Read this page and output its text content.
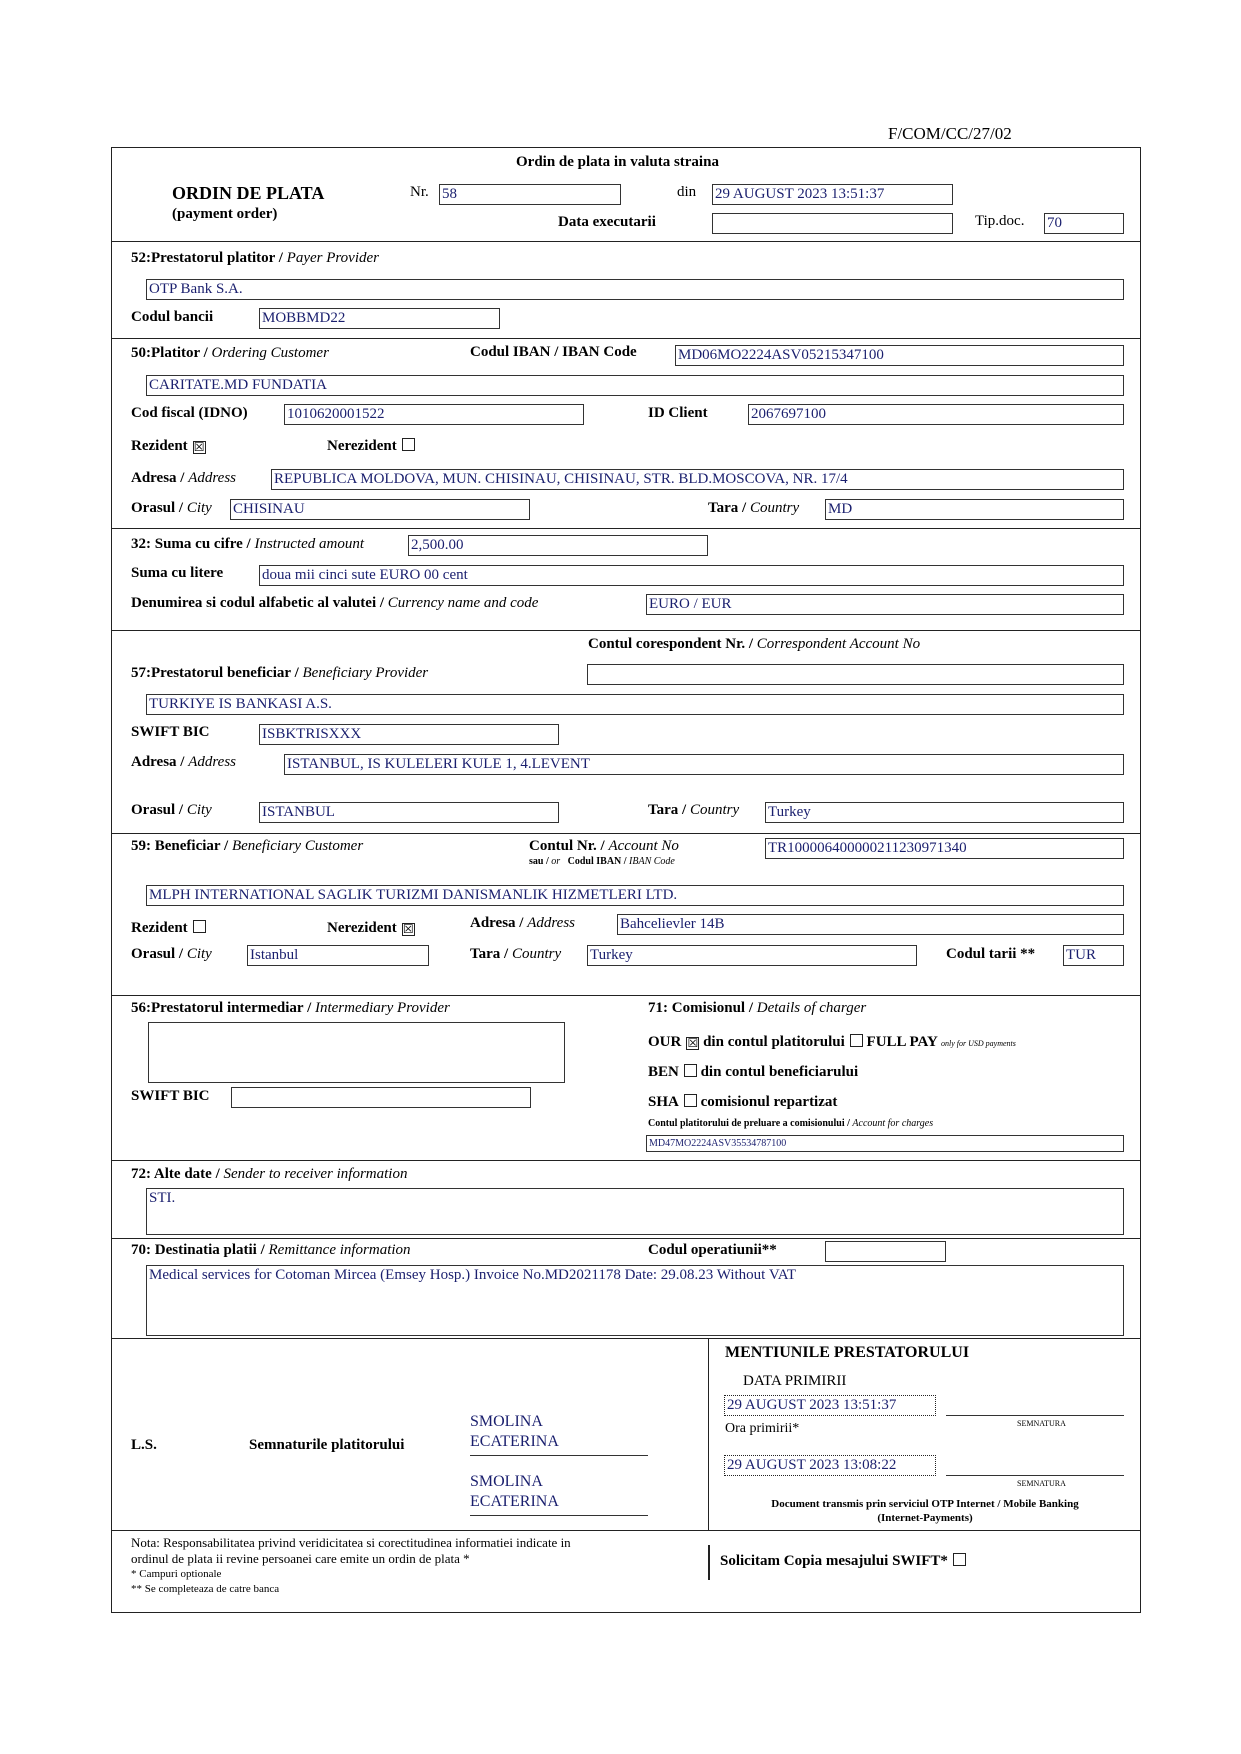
F/COM/CC/27/02
Ordin de plata in valuta straina
ORDIN DE PLATA
(payment order)
Nr. 58	din 29 AUGUST 2023 13:51:37
Data executarii	Tip.doc. 70
52:Prestatorul platitor / Payer Provider
OTP Bank S.A.
Codul bancii	MOBBMD22
50:Platitor / Ordering Customer	Codul IBAN / IBAN Code	MD06MO2224ASV05215347100
CARITATE.MD FUNDATIA
Cod fiscal (IDNO)	1010620001522	ID Client	2067697100
Rezident ☒	Nerezident
Adresa / Address	REPUBLICA MOLDOVA, MUN. CHISINAU, CHISINAU, STR. BLD.MOSCOVA, NR. 17/4
Orasul / City CHISINAU	Tara / Country MD
32: Suma cu cifre / Instructed amount	2,500.00
Suma cu litere	doua mii cinci sute EURO 00 cent
Denumirea si codul alfabetic al valutei / Currency name and code	EURO / EUR
Contul corespondent Nr. / Correspondent Account No
57:Prestatorul beneficiar / Beneficiary Provider
TURKIYE IS BANKASI A.S.
SWIFT BIC	ISBKTRISXXX
Adresa / Address	ISTANBUL, IS KULELERI KULE 1, 4.LEVENT
Orasul / City	ISTANBUL	Tara / Country Turkey
59: Beneficiar / Beneficiary Customer	Contul Nr. / Account No
sau / or Codul IBAN / IBAN Code
TR100006400000211230971340
MLPH INTERNATIONAL SAGLIK TURIZMI DANISMANLIK HIZMETLERI LTD.
Rezident	Nerezident ☒	Adresa / Address	Bahcelievler 14B
Orasul / City	Istanbul	Tara / Country Turkey	Codul tarii ** TUR
56:Prestatorul intermediar / Intermediary Provider
SWIFT BIC
71: Comisionul / Details of charger
OUR ☒ din contul platitorului FULL PAY only for USD payments
BEN din contul beneficiarului
SHA comisionul repartizat
Contul platitorului de preluare a comisionului / Account for charges
MD47MO2224ASV35534787100
72: Alte date / Sender to receiver information
STI.
70: Destinatia platii / Remittance information	Codul operatiunii**
Medical services for Cotoman Mircea (Emsey Hosp.) Invoice No.MD2021178 Date: 29.08.23 Without VAT
L.S.	Semnaturile platitorului
SMOLINA
ECATERINA
SMOLINA
ECATERINA
MENTIUNILE PRESTATORULUI
DATA PRIMIRII
29 AUGUST 2023 13:51:37
SEMNATURA
Ora primirii*
29 AUGUST 2023 13:08:22
SEMNATURA
Document transmis prin serviciul OTP Internet / Mobile Banking
(Internet-Payments)
Nota: Responsabilitatea privind veridicitatea si corectitudinea informatiei indicate in
ordinul de plata ii revine persoanei care emite un ordin de plata *
* Campuri optionale
** Se completeaza de catre banca
Solicitam Copia mesajului SWIFT*
